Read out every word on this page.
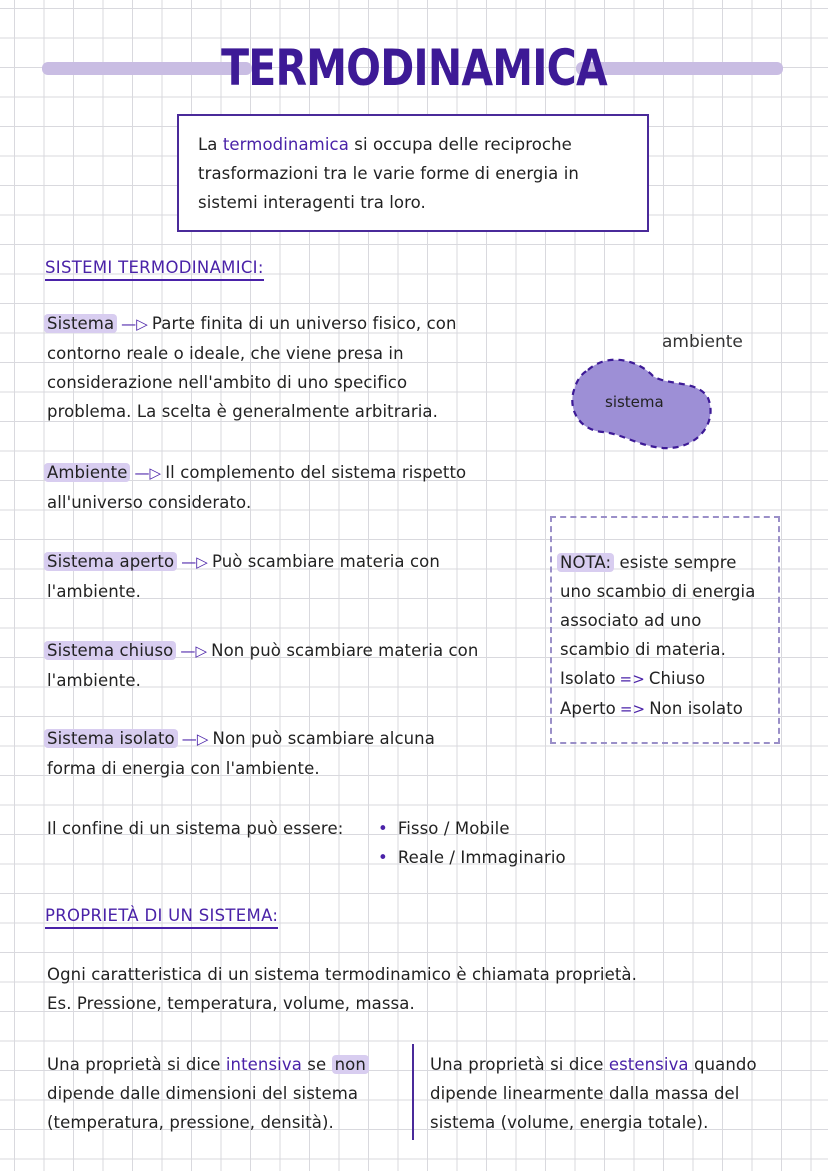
TERMODINAMICA
La termodinamica si occupa delle reciproche
trasformazioni tra le varie forme di energia in
sistemi interagenti tra loro.
SISTEMI TERMODINAMICI:
Sistema —▷ Parte finita di un universo fisico, con
contorno reale o ideale, che viene presa in
considerazione nell'ambito di uno specifico
problema. La scelta è generalmente arbitraria.
ambiente
sistema
Ambiente —▷ Il complemento del sistema rispetto
all'universo considerato.
Sistema aperto —▷ Può scambiare materia con
l'ambiente.
Sistema chiuso —▷ Non può scambiare materia con
l'ambiente.
Sistema isolato —▷ Non può scambiare alcuna
forma di energia con l'ambiente.
NOTA: esiste sempre
uno scambio di energia
associato ad uno
scambio di materia.
Isolato => Chiuso
Aperto => Non isolato
Il confine di un sistema può essere: • Fisso / Mobile
• Reale / Immaginario
PROPRIETÀ DI UN SISTEMA:
Ogni caratteristica di un sistema termodinamico è chiamata proprietà.
Es. Pressione, temperatura, volume, massa.
Una proprietà si dice intensiva se non
dipende dalle dimensioni del sistema
(temperatura, pressione, densità).
Una proprietà si dice estensiva quando
dipende linearmente dalla massa del
sistema (volume, energia totale).
